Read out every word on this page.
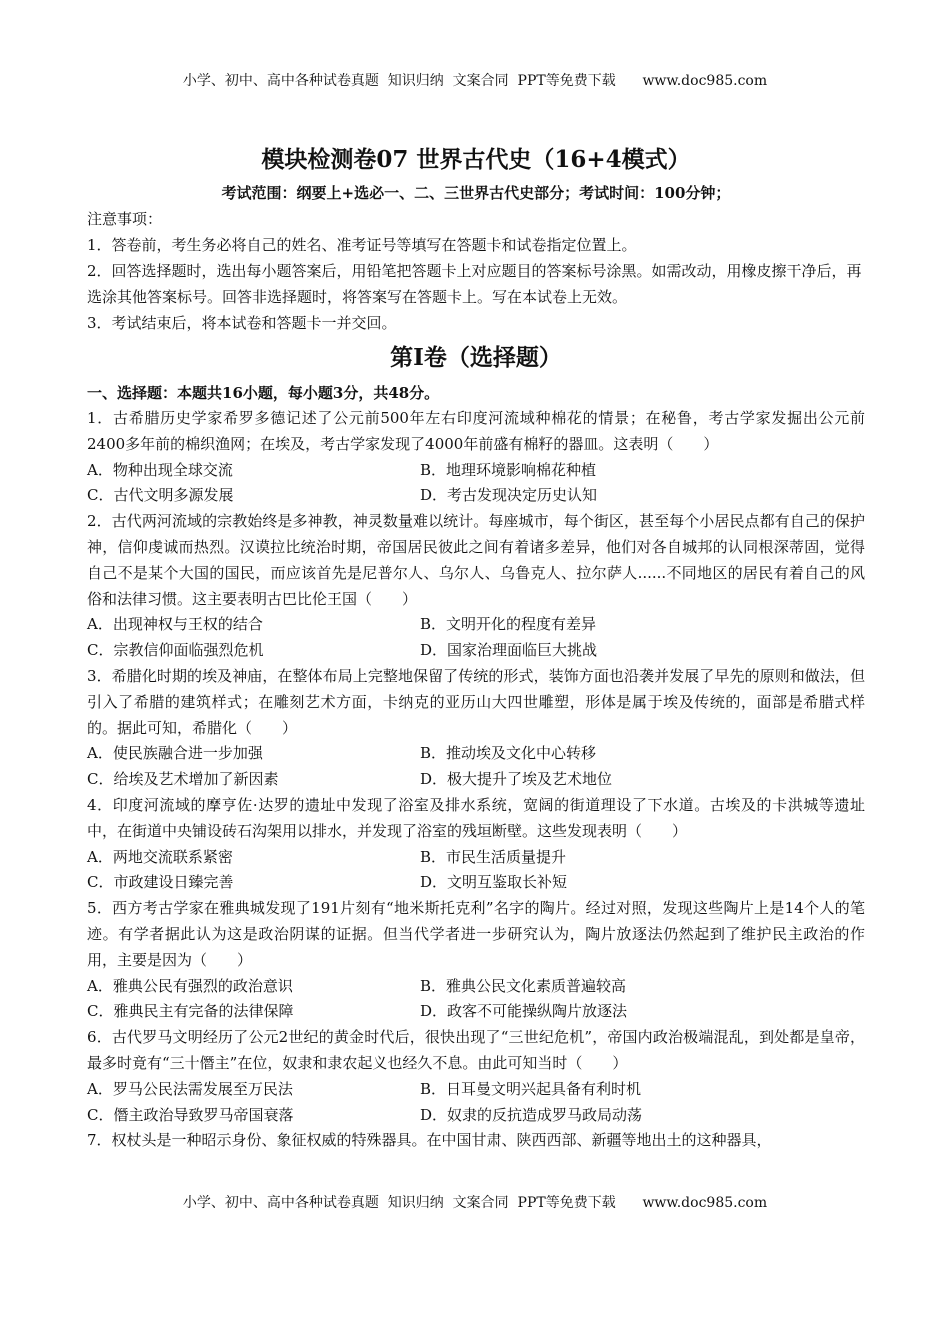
小学、初中、高中各种试卷真题  知识归纳  文案合同  PPT等免费下载      www.doc985.com
模块检测卷07 世界古代史（16+4模式）

考试范围：纲要上+选必一、二、三世界古代史部分；考试时间：100分钟；

注意事项：

1．答卷前，考生务必将自己的姓名、准考证号等填写在答题卡和试卷指定位置上。

2．回答选择题时，选出每小题答案后，用铅笔把答题卡上对应题目的答案标号涂黑。如需改动，用橡皮擦干净后，再选涂其他答案标号。回答非选择题时，将答案写在答题卡上。写在本试卷上无效。

3．考试结束后，将本试卷和答题卡一并交回。

第I卷（选择题）

一、选择题：本题共16小题，每小题3分，共48分。

1．古希腊历史学家希罗多德记述了公元前500年左右印度河流域种棉花的情景；在秘鲁，考古学家发掘出公元前2400多年前的棉织渔网；在埃及，考古学家发现了4000年前盛有棉籽的器皿。这表明（　　）

A．物种出现全球交流	B．地理环境影响棉花种植
C．古代文明多源发展	D．考古发现决定历史认知

2．古代两河流域的宗教始终是多神教，神灵数量难以统计。每座城市，每个街区，甚至每个小居民点都有自己的保护神，信仰虔诚而热烈。汉谟拉比统治时期，帝国居民彼此之间有着诸多差异，他们对各自城邦的认同根深蒂固，觉得自己不是某个大国的国民，而应该首先是尼普尔人、乌尔人、乌鲁克人、拉尔萨人......不同地区的居民有着自己的风俗和法律习惯。这主要表明古巴比伦王国（　　）

A．出现神权与王权的结合	B．文明开化的程度有差异
C．宗教信仰面临强烈危机	D．国家治理面临巨大挑战

3．希腊化时期的埃及神庙，在整体布局上完整地保留了传统的形式，装饰方面也沿袭并发展了早先的原则和做法，但引入了希腊的建筑样式；在雕刻艺术方面，卡纳克的亚历山大四世雕塑，形体是属于埃及传统的，面部是希腊式样的。据此可知，希腊化（　　）

A．使民族融合进一步加强	B．推动埃及文化中心转移
C．给埃及艺术增加了新因素	D．极大提升了埃及艺术地位

4．印度河流域的摩亨佐·达罗的遗址中发现了浴室及排水系统，宽阔的街道理设了下水道。古埃及的卡洪城等遗址中，在街道中央铺设砖石沟架用以排水，并发现了浴室的残垣断壁。这些发现表明（　　）

A．两地交流联系紧密	B．市民生活质量提升
C．市政建设日臻完善	D．文明互鉴取长补短

5．西方考古学家在雅典城发现了191片刻有“地米斯托克利”名字的陶片。经过对照，发现这些陶片上是14个人的笔迹。有学者据此认为这是政治阴谋的证据。但当代学者进一步研究认为，陶片放逐法仍然起到了维护民主政治的作用，主要是因为（　　）

A．雅典公民有强烈的政治意识	B．雅典公民文化素质普遍较高
C．雅典民主有完备的法律保障	D．政客不可能操纵陶片放逐法

6．古代罗马文明经历了公元2世纪的黄金时代后，很快出现了“三世纪危机”，帝国内政治极端混乱，到处都是皇帝，最多时竟有“三十僭主”在位，奴隶和隶农起义也经久不息。由此可知当时（　　）

A．罗马公民法需发展至万民法	B．日耳曼文明兴起具备有利时机
C．僭主政治导致罗马帝国衰落	D．奴隶的反抗造成罗马政局动荡

7．权杖头是一种昭示身份、象征权威的特殊器具。在中国甘肃、陕西西部、新疆等地出土的这种器具，

小学、初中、高中各种试卷真题  知识归纳  文案合同  PPT等免费下载      www.doc985.com
